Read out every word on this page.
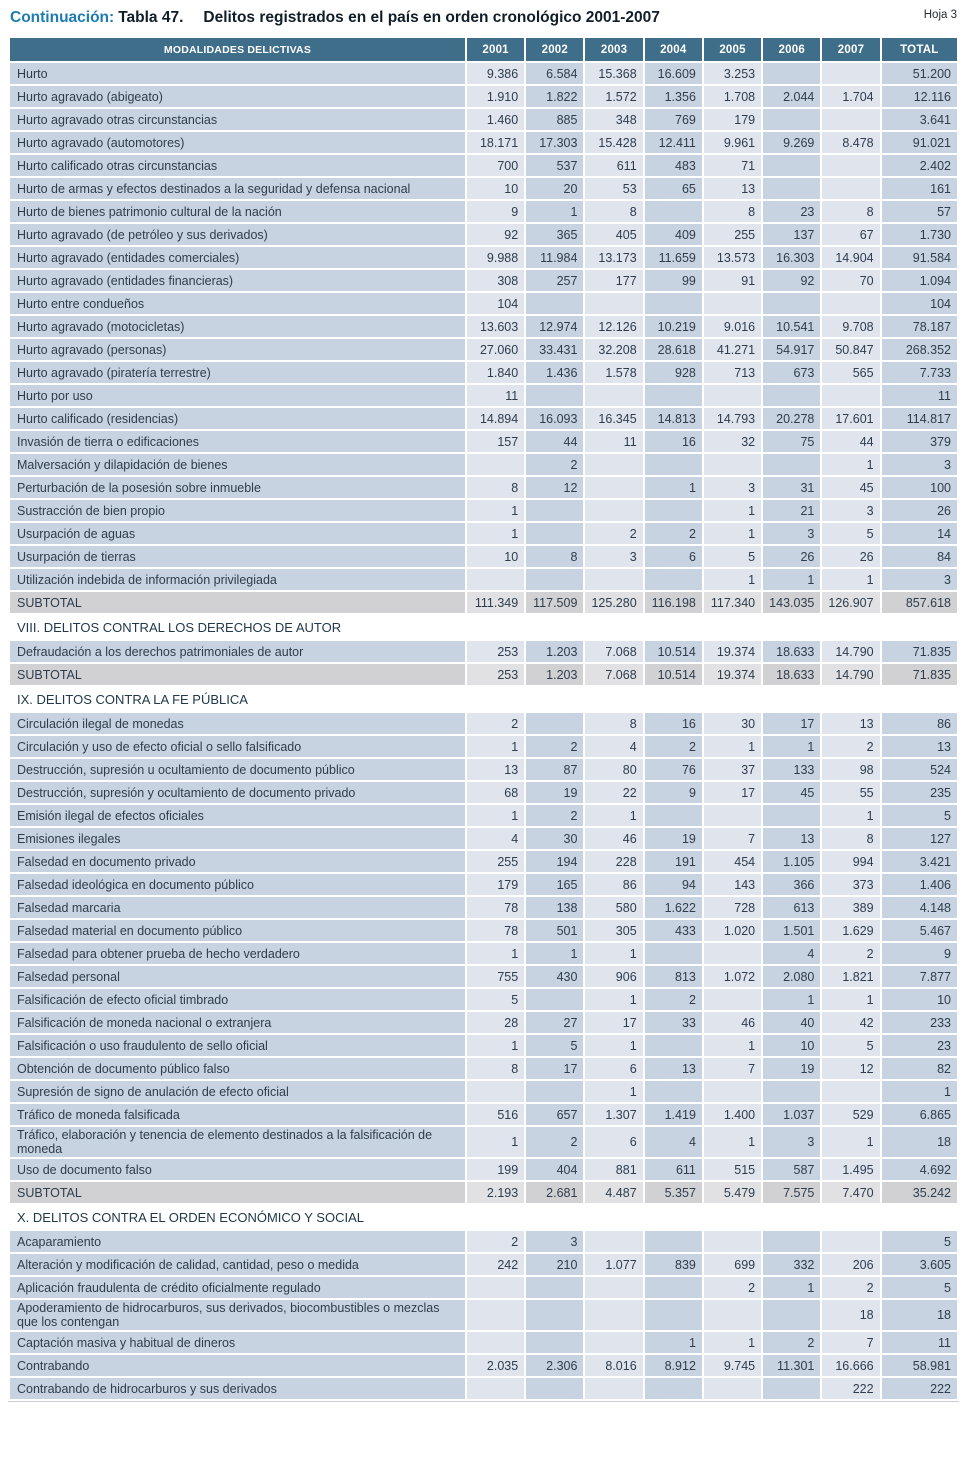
Continuación: Tabla 47. Delitos registrados en el país en orden cronológico 2001-2007	Hoja 3
MODALIDADES DELICTIVAS	2001	2002	2003	2004	2005	2006	2007	TOTAL
Hurto	9.386	6.584	15.368	16.609	3.253			51.200
Hurto agravado (abigeato)	1.910	1.822	1.572	1.356	1.708	2.044	1.704	12.116
Hurto agravado otras circunstancias	1.460	885	348	769	179			3.641
Hurto agravado (automotores)	18.171	17.303	15.428	12.411	9.961	9.269	8.478	91.021
Hurto calificado otras circunstancias	700	537	611	483	71			2.402
Hurto de armas y efectos destinados a la seguridad y defensa nacional	10	20	53	65	13			161
Hurto de bienes patrimonio cultural de la nación	9	1	8		8	23	8	57
Hurto agravado (de petróleo y sus derivados)	92	365	405	409	255	137	67	1.730
Hurto agravado (entidades comerciales)	9.988	11.984	13.173	11.659	13.573	16.303	14.904	91.584
Hurto agravado (entidades financieras)	308	257	177	99	91	92	70	1.094
Hurto entre condueños	104							104
Hurto agravado (motocicletas)	13.603	12.974	12.126	10.219	9.016	10.541	9.708	78.187
Hurto agravado (personas)	27.060	33.431	32.208	28.618	41.271	54.917	50.847	268.352
Hurto agravado (piratería terrestre)	1.840	1.436	1.578	928	713	673	565	7.733
Hurto por uso	11							11
Hurto calificado (residencias)	14.894	16.093	16.345	14.813	14.793	20.278	17.601	114.817
Invasión de tierra o edificaciones	157	44	11	16	32	75	44	379
Malversación y dilapidación de bienes		2					1	3
Perturbación de la posesión sobre inmueble	8	12		1	3	31	45	100
Sustracción de bien propio	1				1	21	3	26
Usurpación de aguas	1		2	2	1	3	5	14
Usurpación de tierras	10	8	3	6	5	26	26	84
Utilización indebida de información privilegiada					1	1	1	3
SUBTOTAL	111.349	117.509	125.280	116.198	117.340	143.035	126.907	857.618
VIII. DELITOS CONTRAL LOS DERECHOS DE AUTOR								
Defraudación a los derechos patrimoniales de autor	253	1.203	7.068	10.514	19.374	18.633	14.790	71.835
SUBTOTAL	253	1.203	7.068	10.514	19.374	18.633	14.790	71.835
IX. DELITOS CONTRA LA FE PÚBLICA								
Circulación ilegal de monedas	2		8	16	30	17	13	86
Circulación y uso de efecto oficial o sello falsificado	1	2	4	2	1	1	2	13
Destrucción, supresión u ocultamiento de documento público	13	87	80	76	37	133	98	524
Destrucción, supresión y ocultamiento de documento privado	68	19	22	9	17	45	55	235
Emisión ilegal de efectos oficiales	1	2	1				1	5
Emisiones ilegales	4	30	46	19	7	13	8	127
Falsedad en documento privado	255	194	228	191	454	1.105	994	3.421
Falsedad ideológica en documento público	179	165	86	94	143	366	373	1.406
Falsedad marcaria	78	138	580	1.622	728	613	389	4.148
Falsedad material en documento público	78	501	305	433	1.020	1.501	1.629	5.467
Falsedad para obtener prueba de hecho verdadero	1	1	1			4	2	9
Falsedad personal	755	430	906	813	1.072	2.080	1.821	7.877
Falsificación de efecto oficial timbrado	5		1	2		1	1	10
Falsificación de moneda nacional o extranjera	28	27	17	33	46	40	42	233
Falsificación o uso fraudulento de sello oficial	1	5	1		1	10	5	23
Obtención de documento público falso	8	17	6	13	7	19	12	82
Supresión de signo de anulación de efecto oficial			1					1
Tráfico de moneda falsificada	516	657	1.307	1.419	1.400	1.037	529	6.865
Tráfico, elaboración y tenencia de elemento destinados a la falsificación de moneda	1	2	6	4	1	3	1	18
Uso de documento falso	199	404	881	611	515	587	1.495	4.692
SUBTOTAL	2.193	2.681	4.487	5.357	5.479	7.575	7.470	35.242
X. DELITOS CONTRA EL ORDEN ECONÓMICO Y SOCIAL								
Acaparamiento	2	3						5
Alteración y modificación de calidad, cantidad, peso o medida	242	210	1.077	839	699	332	206	3.605
Aplicación fraudulenta de crédito oficialmente regulado					2	1	2	5
Apoderamiento de hidrocarburos, sus derivados, biocombustibles o mezclas que los contengan							18	18
Captación masiva y habitual de dineros				1	1	2	7	11
Contrabando	2.035	2.306	8.016	8.912	9.745	11.301	16.666	58.981
Contrabando de hidrocarburos y sus derivados							222	222
